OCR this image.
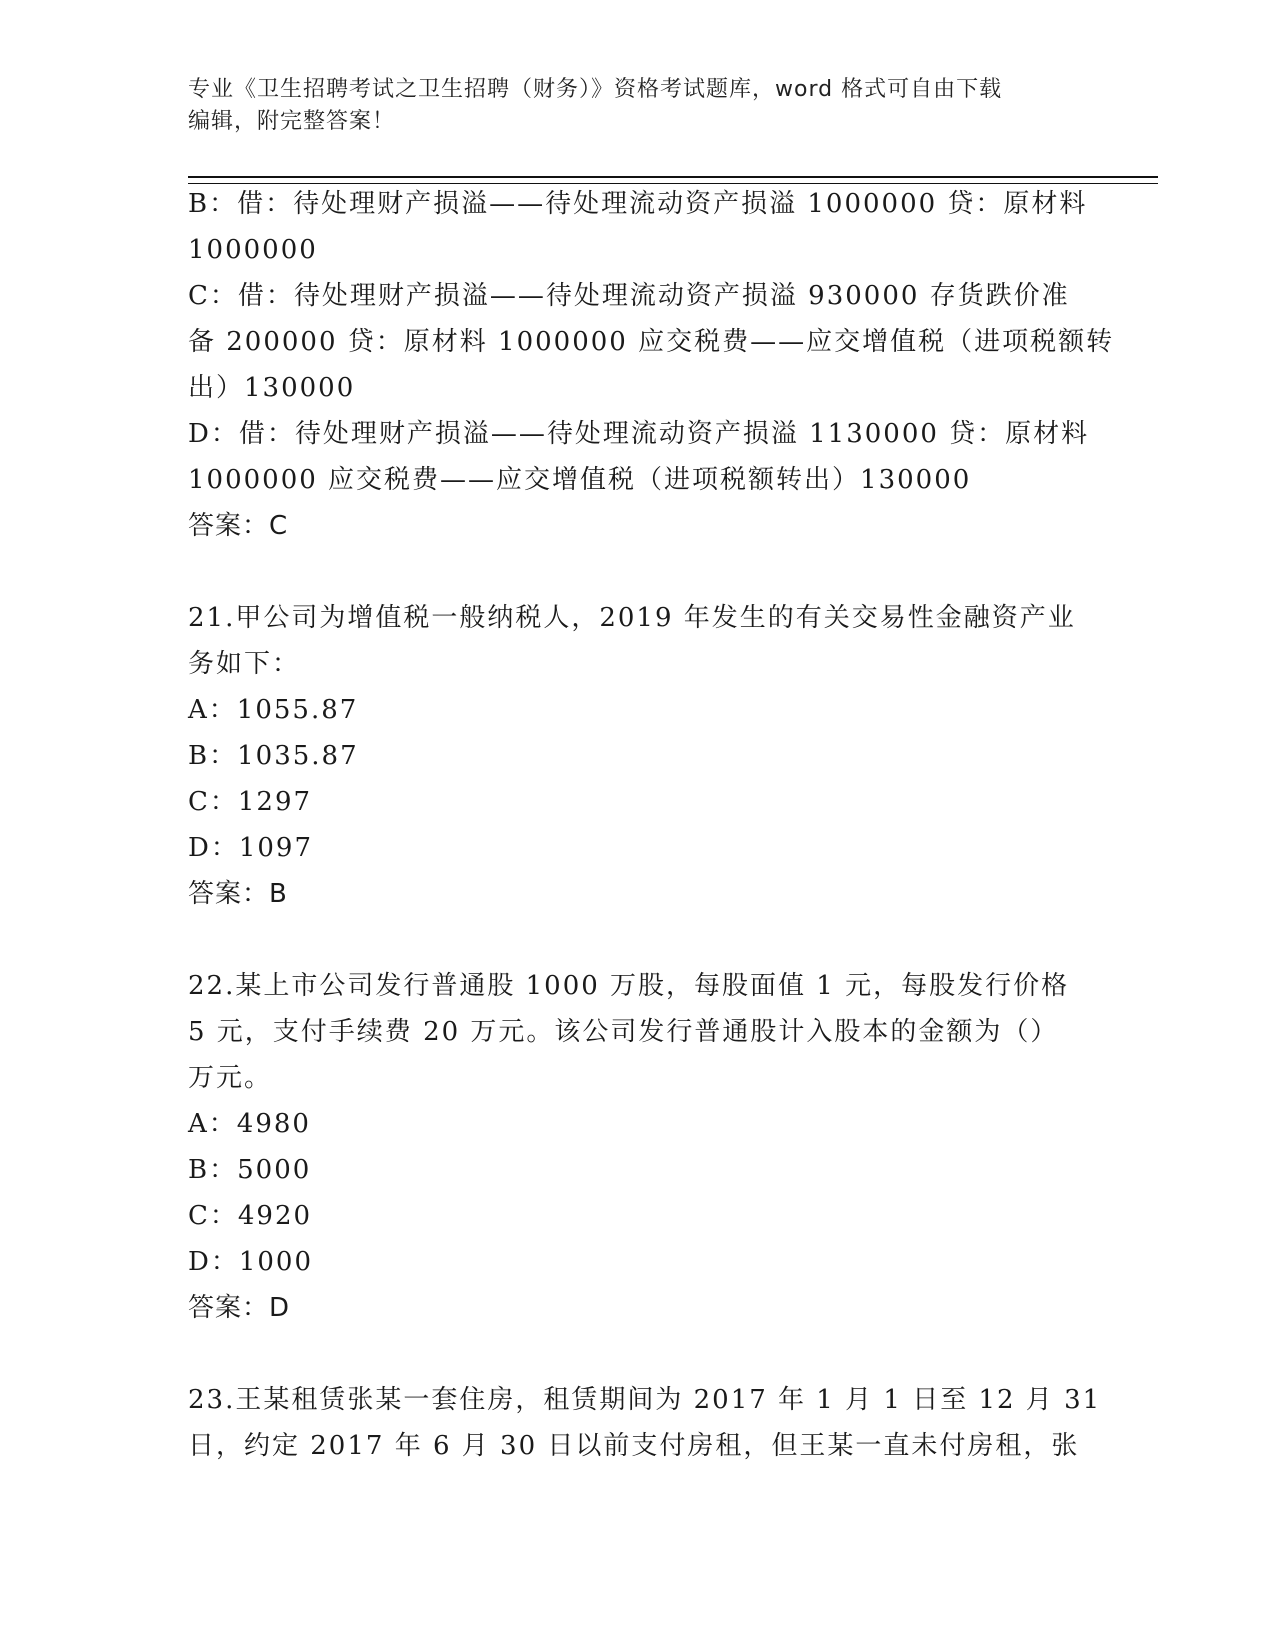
专业《卫生招聘考试之卫生招聘（财务）》资格考试题库，word 格式可自由下载
编辑，附完整答案！
B：借：待处理财产损溢——待处理流动资产损溢 1000000 贷：原材料
1000000
C：借：待处理财产损溢——待处理流动资产损溢 930000 存货跌价准
备 200000 贷：原材料 1000000 应交税费——应交增值税（进项税额转
出）130000
D：借：待处理财产损溢——待处理流动资产损溢 1130000 贷：原材料
1000000 应交税费——应交增值税（进项税额转出）130000
答案：C
21.甲公司为增值税一般纳税人，2019 年发生的有关交易性金融资产业
务如下：
A：1055.87
B：1035.87
C：1297
D：1097
答案：B
22.某上市公司发行普通股 1000 万股，每股面值 1 元，每股发行价格
5 元，支付手续费 20 万元。该公司发行普通股计入股本的金额为（）
万元。
A：4980
B：5000
C：4920
D：1000
答案：D
23.王某租赁张某一套住房，租赁期间为 2017 年 1 月 1 日至 12 月 31
日，约定 2017 年 6 月 30 日以前支付房租，但王某一直未付房租，张
